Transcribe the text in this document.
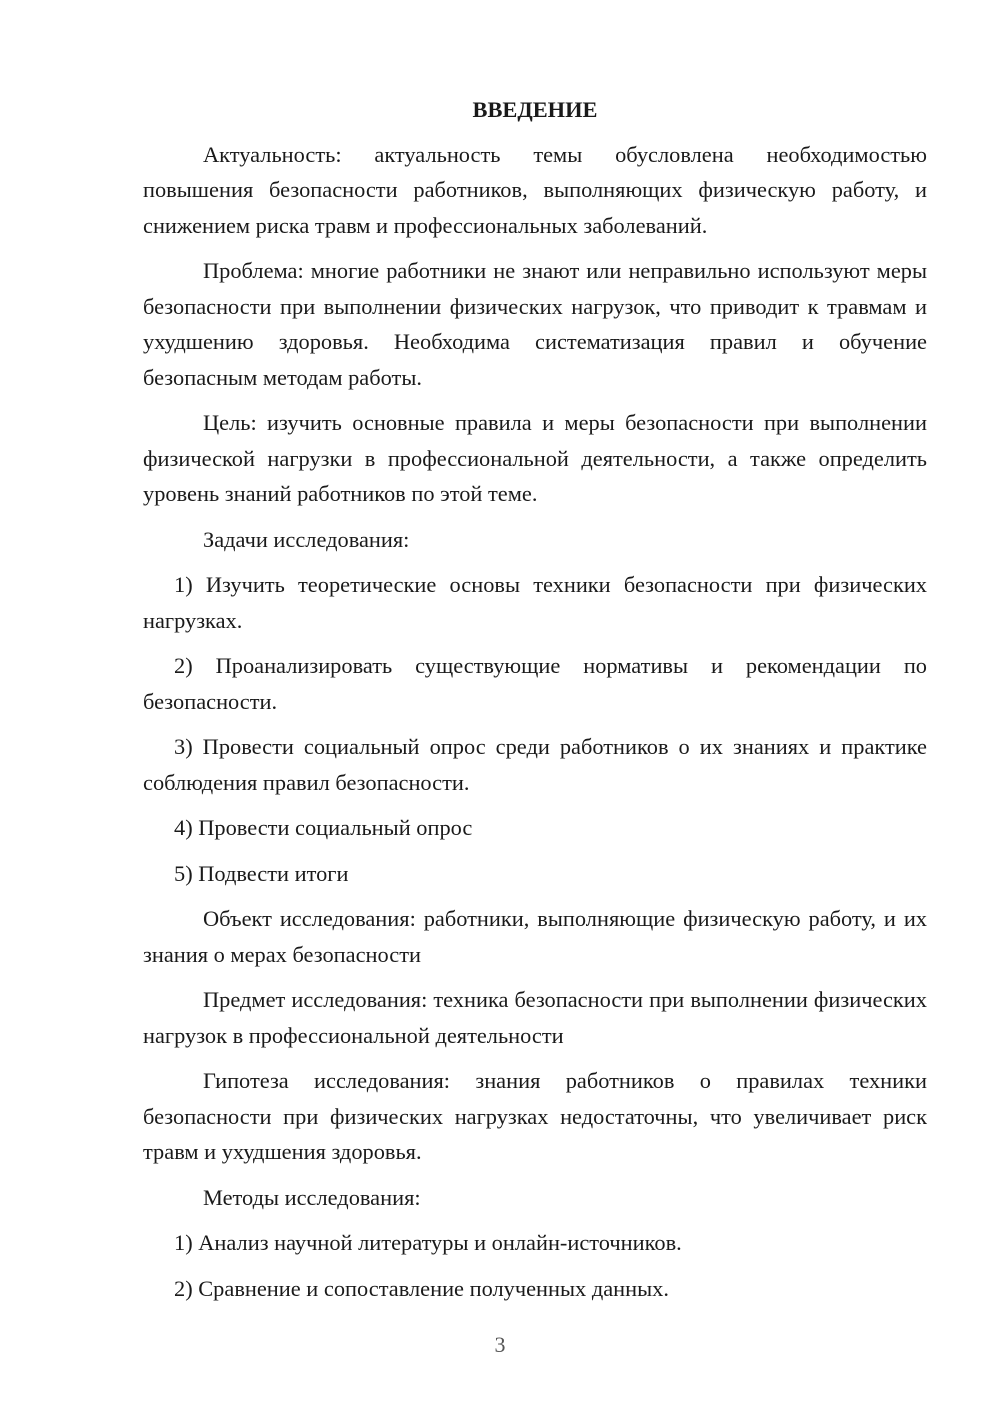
ВВЕДЕНИЕ

Актуальность: актуальность темы обусловлена необходимостью повышения безопасности работников, выполняющих физическую работу, и снижением риска травм и профессиональных заболеваний.

Проблема: многие работники не знают или неправильно используют меры безопасности при выполнении физических нагрузок, что приводит к травмам и ухудшению здоровья. Необходима систематизация правил и обучение безопасным методам работы.

Цель: изучить основные правила и меры безопасности при выполнении физической нагрузки в профессиональной деятельности, а также определить уровень знаний работников по этой теме.

Задачи исследования:

1) Изучить теоретические основы техники безопасности при физических нагрузках.

2) Проанализировать существующие нормативы и рекомендации по безопасности.

3) Провести социальный опрос среди работников о их знаниях и практике соблюдения правил безопасности.

4) Провести социальный опрос

5) Подвести итоги

Объект исследования: работники, выполняющие физическую работу, и их знания о мерах безопасности

Предмет исследования: техника безопасности при выполнении физических нагрузок в профессиональной деятельности

Гипотеза исследования: знания работников о правилах техники безопасности при физических нагрузках недостаточны, что увеличивает риск травм и ухудшения здоровья.

Методы исследования:

1) Анализ научной литературы и онлайн-источников.

2) Сравнение и сопоставление полученных данных.

3
